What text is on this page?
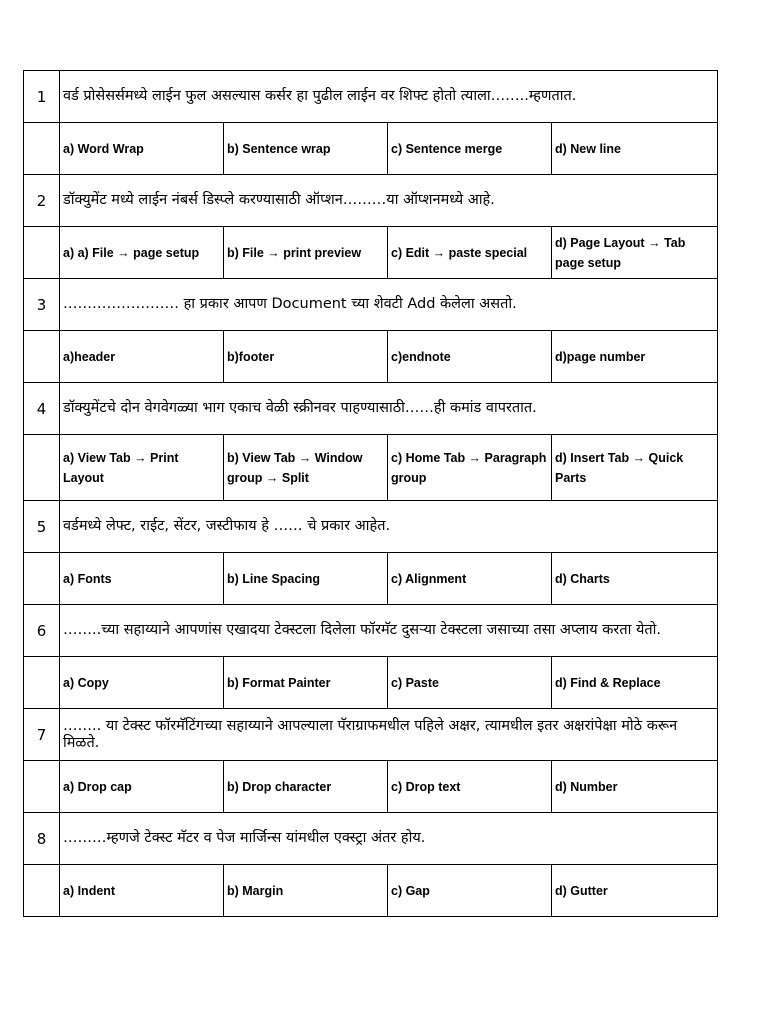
1	वर्ड प्रोसेसर्समध्ये लाईन फुल असल्यास कर्सर हा पुढील लाईन वर शिफ्ट होतो त्याला……..म्हणतात.			
	a) Word Wrap	b) Sentence wrap	c) Sentence merge	d) New line
2	डॉक्युमेंट मध्ये लाईन नंबर्स डिस्प्ले करण्यासाठी ऑप्शन………या ऑप्शनमध्ये आहे.			
	a) a) File → page setup	b) File → print preview	c) Edit → paste special	d) Page Layout → Tab page setup
3	…………………… हा प्रकार आपण Document च्या शेवटी Add केलेला असतो.			
	a)header	b)footer	c)endnote	d)page number
4	डॉक्युमेंटचे दोन वेगवेगळ्या भाग एकाच वेळी स्क्रीनवर पाहण्यासाठी……ही कमांड वापरतात.			
	a) View Tab → Print Layout	b) View Tab → Window group → Split	c) Home Tab → Paragraph group	d) Insert Tab → Quick Parts
5	वर्डमध्ये लेफ्ट, राईट, सेंटर, जस्टीफाय हे …… चे प्रकार आहेत.			
	a) Fonts	b) Line Spacing	c) Alignment	d) Charts
6	……..च्या सहाय्याने आपणांस एखादया टेक्स्टला दिलेला फॉरमॅट दुसऱ्या टेक्स्टला जसाच्या तसा अप्लाय करता येतो.			
	a) Copy	b) Format Painter	c) Paste	d) Find & Replace
7	…….. या टेक्स्ट फॉरमॅटिंगच्या सहाय्याने आपल्याला पॅराग्राफमधील पहिले अक्षर, त्यामधील इतर अक्षरांपेक्षा मोठे करून मिळते.			
	a) Drop cap	b) Drop character	c) Drop text	d) Number
8	………म्हणजे टेक्स्ट मॅटर व पेज मार्जिन्स यांमधील एक्स्ट्रा अंतर होय.			
	a) Indent	b) Margin	c) Gap	d) Gutter
